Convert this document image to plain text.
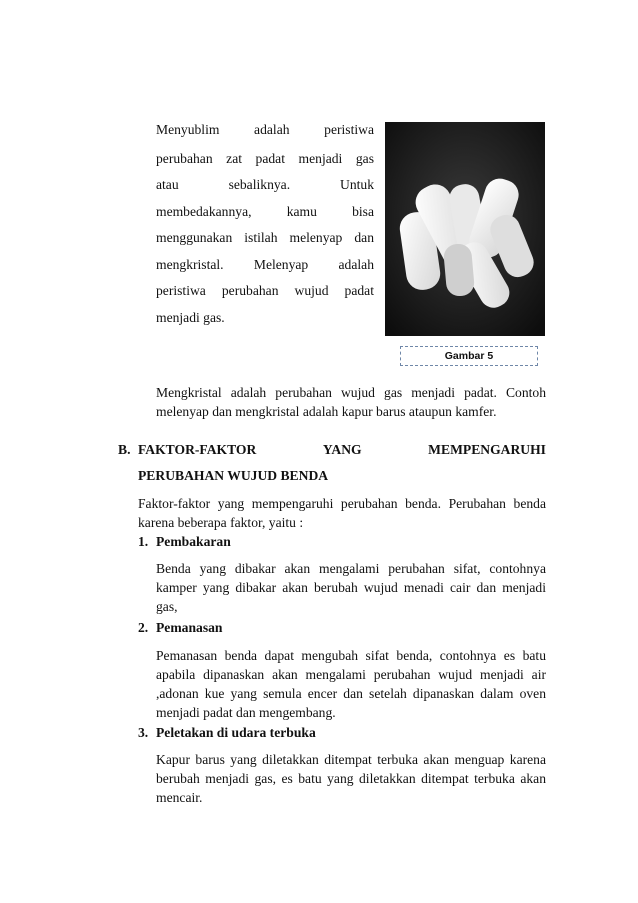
Menyublim adalah peristiwa
perubahan zat padat menjadi gas
atau sebaliknya. Untuk
membedakannya, kamu bisa
menggunakan istilah melenyap dan
mengkristal. Melenyap adalah
peristiwa perubahan wujud padat
menjadi gas.
Gambar 5
Mengkristal adalah perubahan wujud gas menjadi padat. Contoh melenyap dan mengkristal adalah kapur barus ataupun kamfer.
B. FAKTOR-FAKTOR	YANG	MEMPENGARUHI
PERUBAHAN WUJUD BENDA
Faktor-faktor yang mempengaruhi perubahan benda. Perubahan benda karena beberapa faktor, yaitu :
1. Pembakaran
Benda yang dibakar akan mengalami perubahan sifat, contohnya kamper yang dibakar akan berubah wujud menadi cair dan menjadi gas,
2. Pemanasan
Pemanasan benda dapat mengubah sifat benda, contohnya es batu apabila dipanaskan akan mengalami perubahan wujud menjadi air ,adonan kue yang semula encer dan setelah dipanaskan dalam oven menjadi padat dan mengembang.
3. Peletakan di udara terbuka
Kapur barus yang diletakkan ditempat terbuka akan menguap karena berubah menjadi gas, es batu yang diletakkan ditempat terbuka akan mencair.
